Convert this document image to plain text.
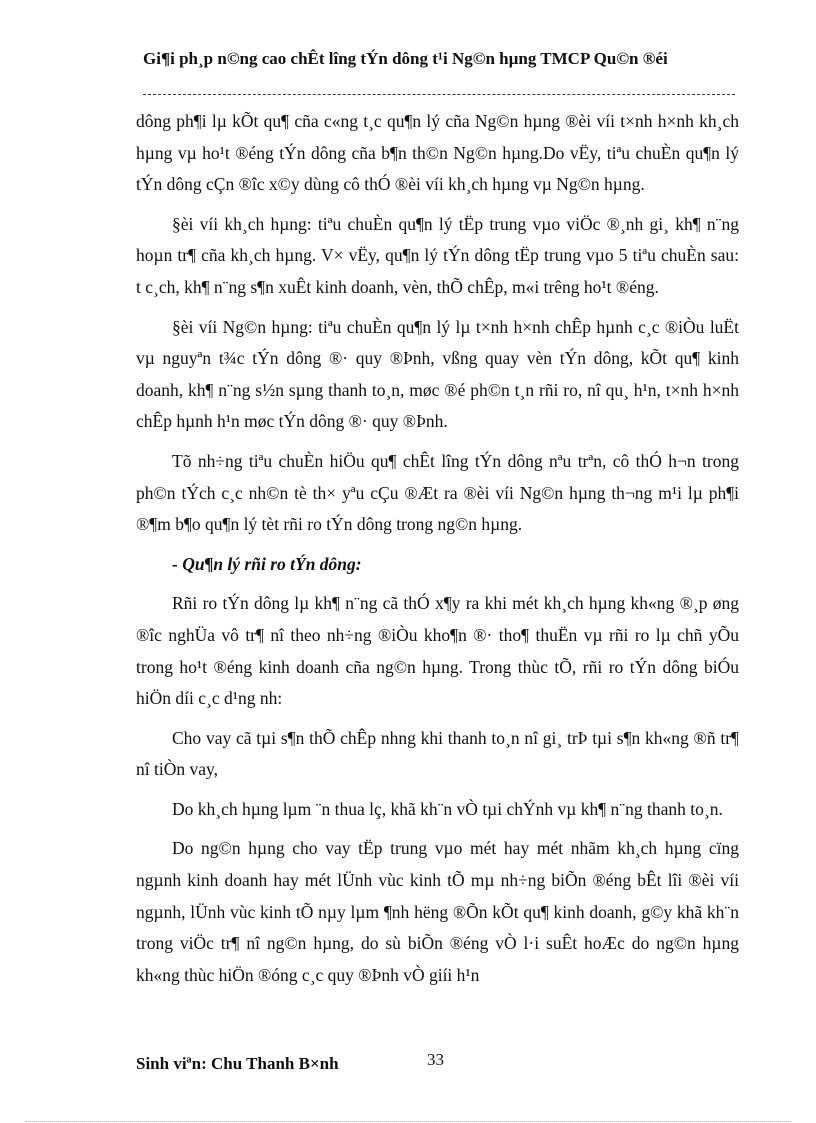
Gi¶i ph¸p n©ng cao chÊt lîng tÝn dông t¹i Ng©n hµng TMCP Qu©n ®éi

dông ph¶i lµ kÕt qu¶ cña c«ng t¸c qu¶n lý cña Ng©n hµng ®èi víi t×nh h×nh kh¸ch hµng vµ ho¹t ®éng tÝn dông cña b¶n th©n Ng©n hµng.Do vËy, tiªu chuÈn qu¶n lý tÝn dông cÇn ®îc x©y dùng cô thÓ ®èi víi kh¸ch hµng vµ Ng©n hµng.

§èi víi kh¸ch hµng: tiªu chuÈn qu¶n lý tËp trung vµo viÖc ®¸nh gi¸ kh¶ n¨ng hoµn tr¶ cña kh¸ch hµng. V× vËy, qu¶n lý tÝn dông tËp trung vµo 5 tiªu chuÈn sau: t c¸ch, kh¶ n¨ng s¶n xuÊt kinh doanh, vèn, thÕ chÊp, m«i trêng ho¹t ®éng.

§èi víi Ng©n hµng: tiªu chuÈn qu¶n lý lµ t×nh h×nh chÊp hµnh c¸c ®iÒu luËt vµ nguyªn t¾c tÝn dông ®· quy ®Þnh, vßng quay vèn tÝn dông, kÕt qu¶ kinh doanh, kh¶ n¨ng s½n sµng thanh to¸n, møc ®é ph©n t¸n rñi ro, nî qu¸ h¹n, t×nh h×nh chÊp hµnh h¹n møc tÝn dông ®· quy ®Þnh.

Tõ nh÷ng tiªu chuÈn hiÖu qu¶ chÊt lîng tÝn dông nªu trªn, cô thÓ h¬n trong ph©n tÝch c¸c nh©n tè th× yªu cÇu ®Æt ra ®èi víi Ng©n hµng th¬ng m¹i lµ ph¶i ®¶m b¶o qu¶n lý tèt rñi ro tÝn dông trong ng©n hµng.

- Qu¶n lý rñi ro tÝn dông:

Rñi ro tÝn dông lµ kh¶ n¨ng cã thÓ x¶y ra khi mét kh¸ch hµng kh«ng ®¸p øng ®îc nghÜa vô tr¶ nî theo nh÷ng ®iÒu kho¶n ®· tho¶ thuËn vµ rñi ro lµ chñ yÕu trong ho¹t ®éng kinh doanh cña ng©n hµng. Trong thùc tÕ, rñi ro tÝn dông biÓu hiÖn díi c¸c d¹ng nh:

Cho vay cã tµi s¶n thÕ chÊp nhng khi thanh to¸n nî gi¸ trÞ tµi s¶n kh«ng ®ñ tr¶ nî tiÒn vay,

Do kh¸ch hµng lµm ¨n thua lç, khã kh¨n vÒ tµi chÝnh vµ kh¶ n¨ng thanh to¸n.

Do ng©n hµng cho vay tËp trung vµo mét hay mét nhãm kh¸ch hµng cïng ngµnh kinh doanh hay mét lÜnh vùc kinh tÕ mµ nh÷ng biÕn ®éng bÊt lîi ®èi víi ngµnh, lÜnh vùc kinh tÕ nµy lµm ¶nh hëng ®Õn kÕt qu¶ kinh doanh, g©y khã kh¨n trong viÖc tr¶ nî ng©n hµng, do sù biÕn ®éng vÒ l·i suÊt hoÆc do ng©n hµng kh«ng thùc hiÖn ®óng c¸c quy ®Þnh vÒ giíi h¹n

Sinh viªn: Chu Thanh B×nh	33
